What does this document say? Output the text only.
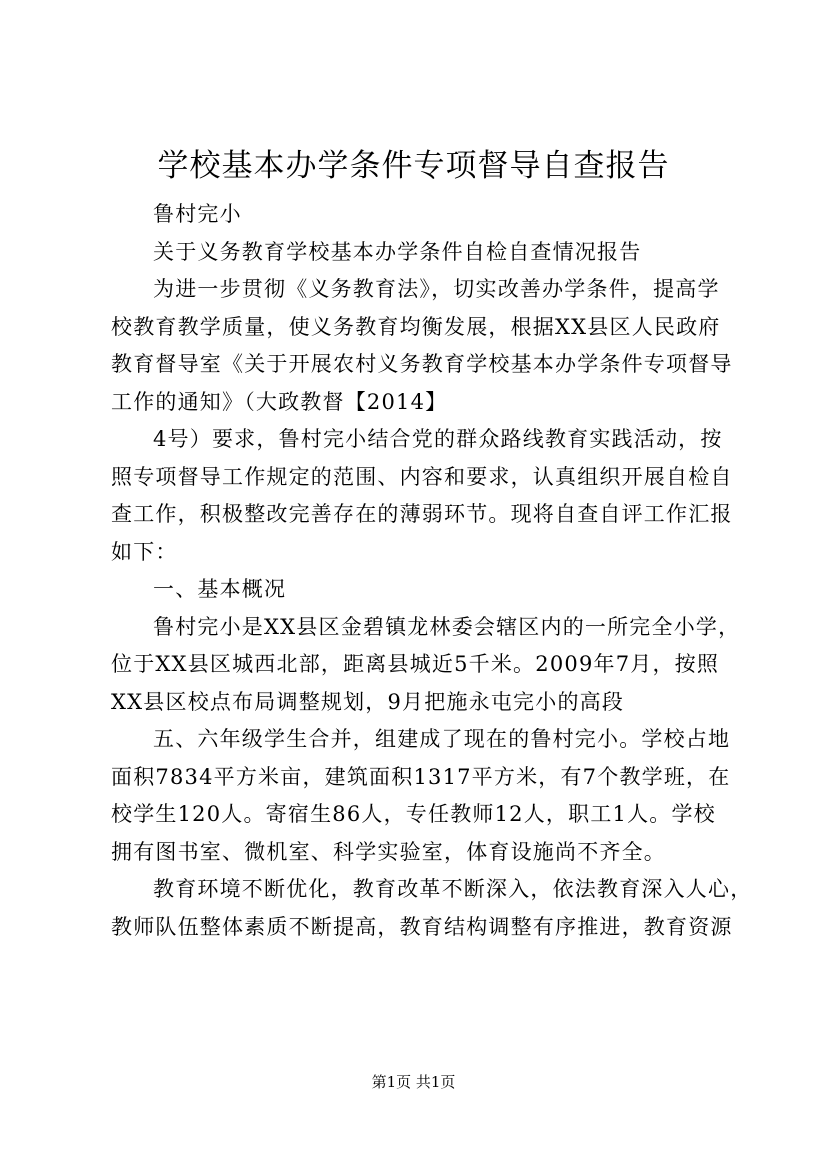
学校基本办学条件专项督导自查报告
鲁村完小
关于义务教育学校基本办学条件自检自查情况报告
为进一步贯彻《义务教育法》，切实改善办学条件，提高学
校教育教学质量，使义务教育均衡发展，根据XX县区人民政府
教育督导室《关于开展农村义务教育学校基本办学条件专项督导
工作的通知》（大政教督【2014】
4号）要求，鲁村完小结合党的群众路线教育实践活动，按
照专项督导工作规定的范围、内容和要求，认真组织开展自检自
查工作，积极整改完善存在的薄弱环节。现将自查自评工作汇报
如下：
一、基本概况
鲁村完小是XX县区金碧镇龙林委会辖区内的一所完全小学，
位于XX县区城西北部，距离县城近5千米。2009年7月，按照
XX县区校点布局调整规划，9月把施永屯完小的高段
五、六年级学生合并，组建成了现在的鲁村完小。学校占地
面积7834平方米亩，建筑面积1317平方米，有7个教学班，在
校学生120人。寄宿生86人，专任教师12人，职工1人。学校
拥有图书室、微机室、科学实验室，体育设施尚不齐全。
教育环境不断优化，教育改革不断深入，依法教育深入人心，
教师队伍整体素质不断提高，教育结构调整有序推进，教育资源
第1页 共1页
